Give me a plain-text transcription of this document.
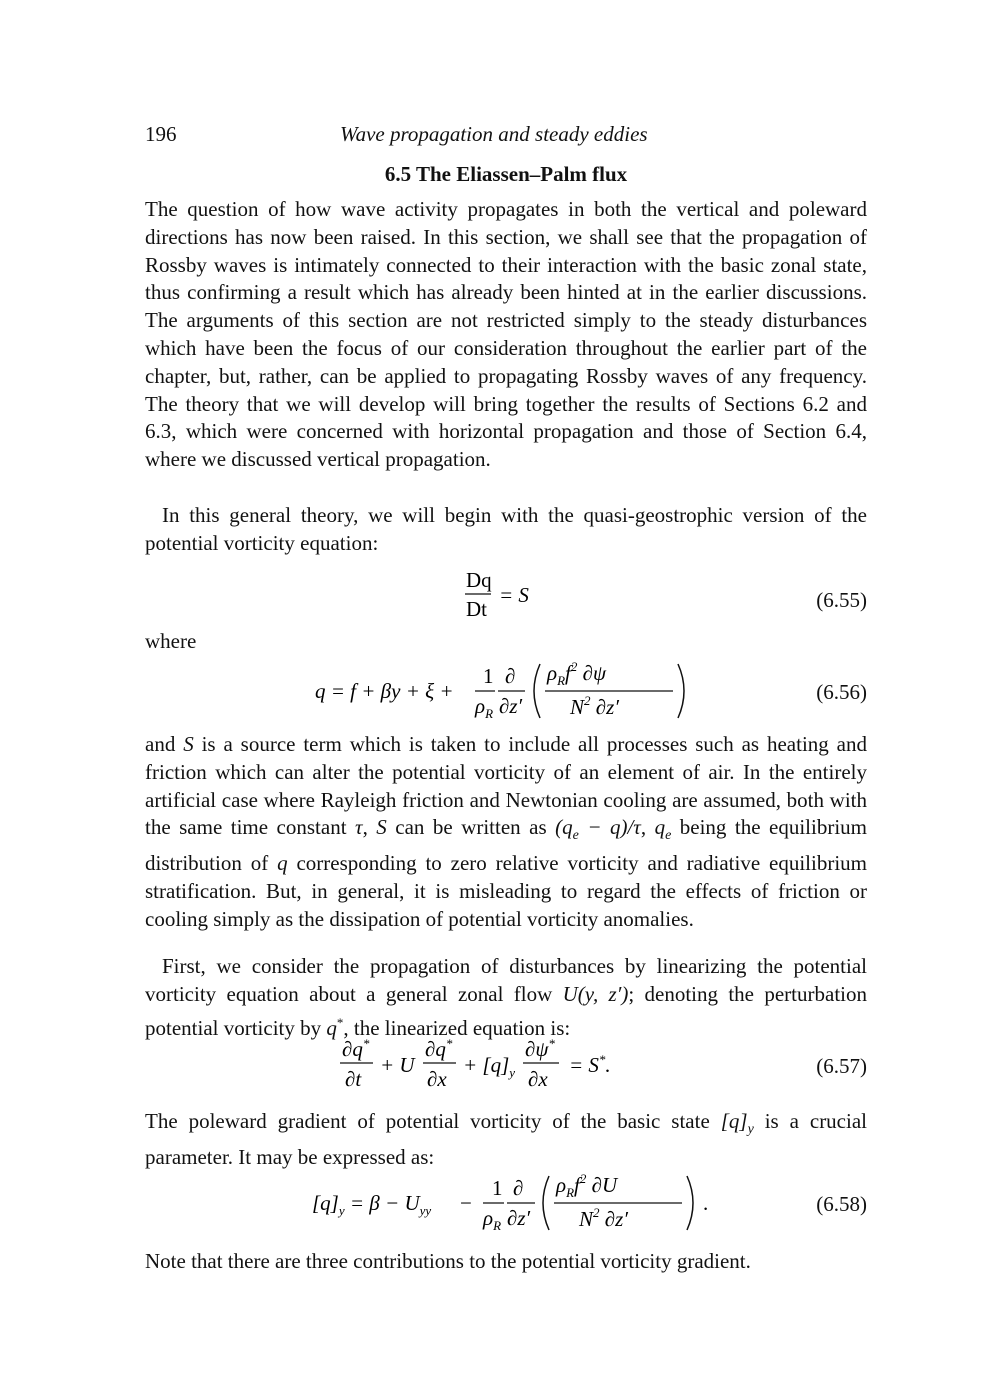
196	Wave propagation and steady eddies
6.5 The Eliassen–Palm flux
The question of how wave activity propagates in both the vertical and poleward directions has now been raised. In this section, we shall see that the propagation of Rossby waves is intimately connected to their interaction with the basic zonal state, thus confirming a result which has already been hinted at in the earlier discussions. The arguments of this section are not restricted simply to the steady disturbances which have been the focus of our consideration throughout the earlier part of the chapter, but, rather, can be applied to propagating Rossby waves of any frequency. The theory that we will develop will bring together the results of Sections 6.2 and 6.3, which were concerned with horizontal propagation and those of Section 6.4, where we discussed vertical propagation.
In this general theory, we will begin with the quasi-geostrophic version of the potential vorticity equation:
Dq
Dt
= S	(6.55)
where
q = f + βy + ξ +
1
$\rho_R$
∂
∂z′
$\rho_Rf^2$ ∂ψ
$N^2$ ∂z′
(6.56)
and S is a source term which is taken to include all processes such as heating and friction which can alter the potential vorticity of an element of air. In the entirely artificial case where Rayleigh friction and Newtonian cooling are assumed, both with the same time constant τ, S can be written as $(q_e - q)/\tau$, $q_e$ being the equilibrium distribution of q corresponding to zero relative vorticity and radiative equilibrium stratification. But, in general, it is misleading to regard the effects of friction or cooling simply as the dissipation of potential vorticity anomalies.
First, we consider the propagation of disturbances by linearizing the potential vorticity equation about a general zonal flow U(y, z′); denoting the perturbation potential vorticity by q*, the linearized equation is:
∂q*
∂t
+ U
∂q*
∂x
+ $[q]_y$
∂ψ*
∂x
= S*.	(6.57)
The poleward gradient of potential vorticity of the basic state $[q]_y$ is a crucial parameter. It may be expressed as:
$[q]_y = \beta - U_{yy}$ −
1
$\rho_R$
∂
∂z′
$\rho_Rf^2$ ∂U
$N^2$ ∂z′
.	(6.58)
Note that there are three contributions to the potential vorticity gradient.
